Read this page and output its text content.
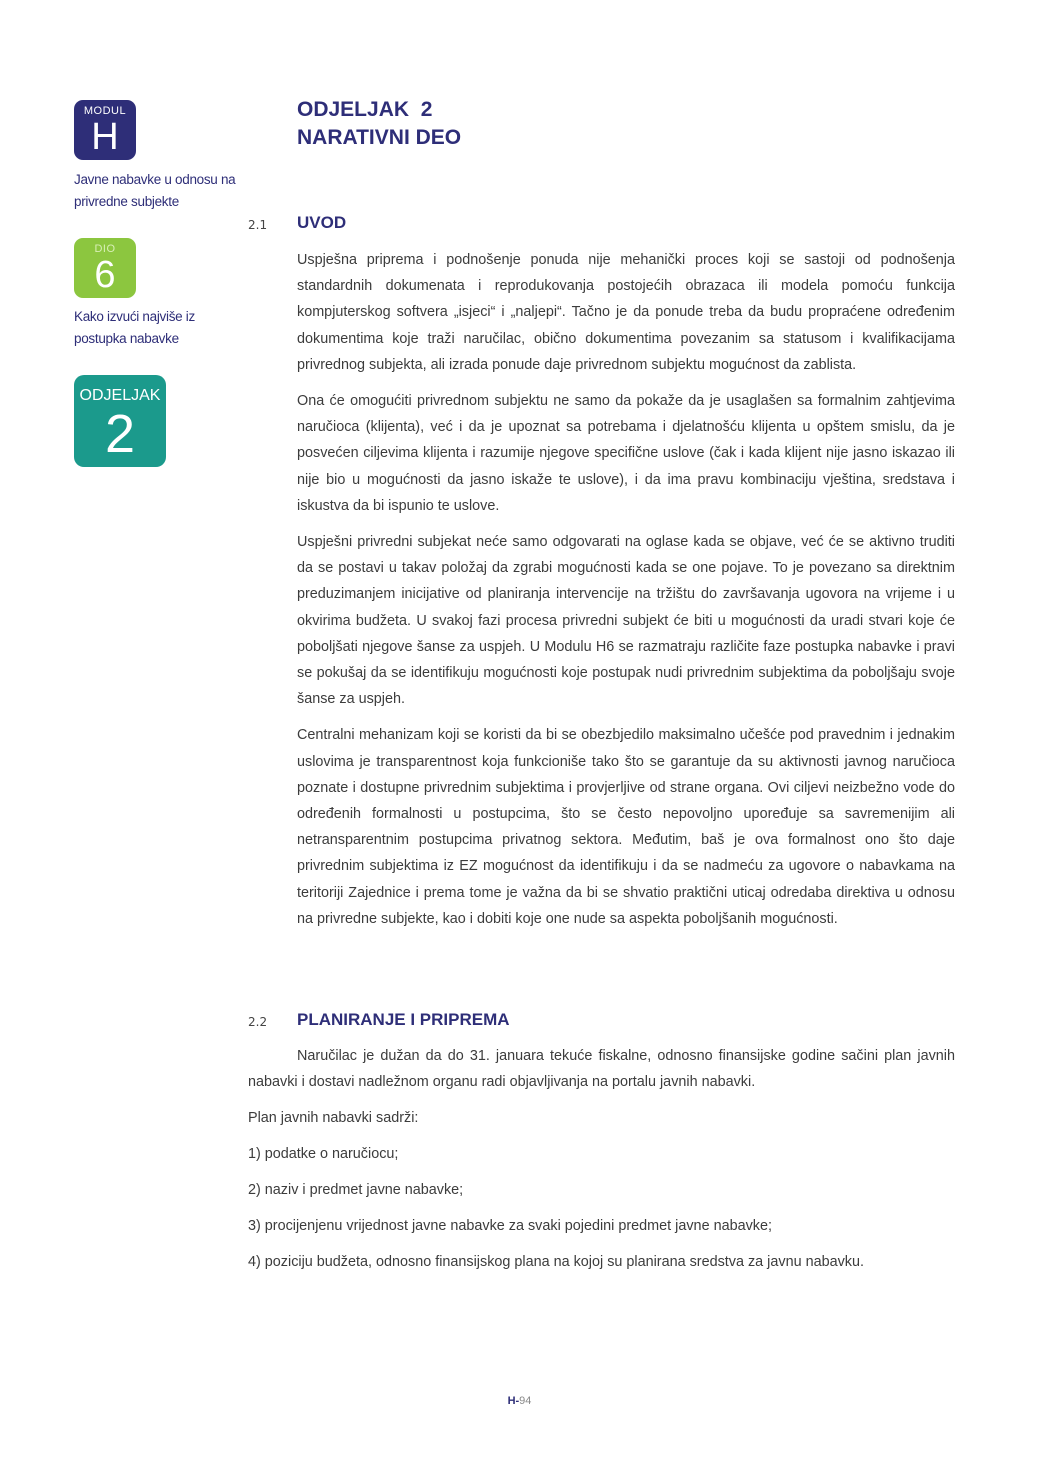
MODUL
H
Javne nabavke u odnosu na privredne subjekte
DIO
6
Kako izvući najviše iz postupka nabavke
ODJELJAK
2
ODJELJAK  2
NARATIVNI DEO
2.1 UVOD

Uspješna priprema i podnošenje ponuda nije mehanički proces koji se sastoji od podnošenja standardnih dokumenata i reprodukovanja postojećih obrazaca ili modela pomoću funkcija kompjuterskog softvera „isjeci“ i „naljepi“. Tačno je da ponude treba da budu propraćene određenim dokumentima koje traži naručilac, obično dokumentima povezanim sa statusom i kvalifikacijama privrednog subjekta, ali izrada ponude daje privrednom subjektu mogućnost da zablista.

Ona će omogućiti privrednom subjektu ne samo da pokaže da je usaglašen sa formalnim zahtjevima naručioca (klijenta), već i da je upoznat sa potrebama i djelatnošću klijenta u opštem smislu, da je posvećen ciljevima klijenta i razumije njegove specifične uslove (čak i kada klijent nije jasno iskazao ili nije bio u mogućnosti da jasno iskaže te uslove), i da ima pravu kombinaciju vještina, sredstava i iskustva da bi ispunio te uslove.

Uspješni privredni subjekat neće samo odgovarati na oglase kada se objave, već će se aktivno truditi da se postavi u takav položaj da zgrabi mogućnosti kada se one pojave. To je povezano sa direktnim preduzimanjem inicijative od planiranja intervencije na tržištu do završavanja ugovora na vrijeme i u okvirima budžeta. U svakoj fazi procesa privredni subjekt će biti u mogućnosti da uradi stvari koje će poboljšati njegove šanse za uspjeh. U Modulu H6 se razmatraju različite faze postupka nabavke i pravi se pokušaj da se identifikuju mogućnosti koje postupak nudi privrednim subjektima da poboljšaju svoje šanse za uspjeh.

Centralni mehanizam koji se koristi da bi se obezbjedilo maksimalno učešće pod pravednim i jednakim uslovima je transparentnost koja funkcioniše tako što se garantuje da su aktivnosti javnog naručioca poznate i dostupne privrednim subjektima i provjerljive od strane organa. Ovi ciljevi neizbežno vode do određenih formalnosti u postupcima, što se često nepovoljno upoređuje sa savremenijim ali netransparentnim postupcima privatnog sektora. Međutim, baš je ova formalnost ono što daje privrednim subjektima iz EZ mogućnost da identifikuju i da se nadmeću za ugovore o nabavkama na teritoriji Zajednice i prema tome je važna da bi se shvatio praktični uticaj odredaba direktiva u odnosu na privredne subjekte, kao i dobiti koje one nude sa aspekta poboljšanih mogućnosti.

2.2 PLANIRANJE I PRIPREMA

Naručilac je dužan da do 31. januara tekuće fiskalne, odnosno finansijske godine sačini plan javnih nabavki i dostavi nadležnom organu radi objavljivanja na portalu javnih nabavki.

Plan javnih nabavki sadrži:

1) podatke o naručiocu;

2) naziv i predmet javne nabavke;

3) procijenjenu vrijednost javne nabavke za svaki pojedini predmet javne nabavke;

4) poziciju budžeta, odnosno finansijskog plana na kojoj su planirana sredstva za javnu nabavku.

H-94
